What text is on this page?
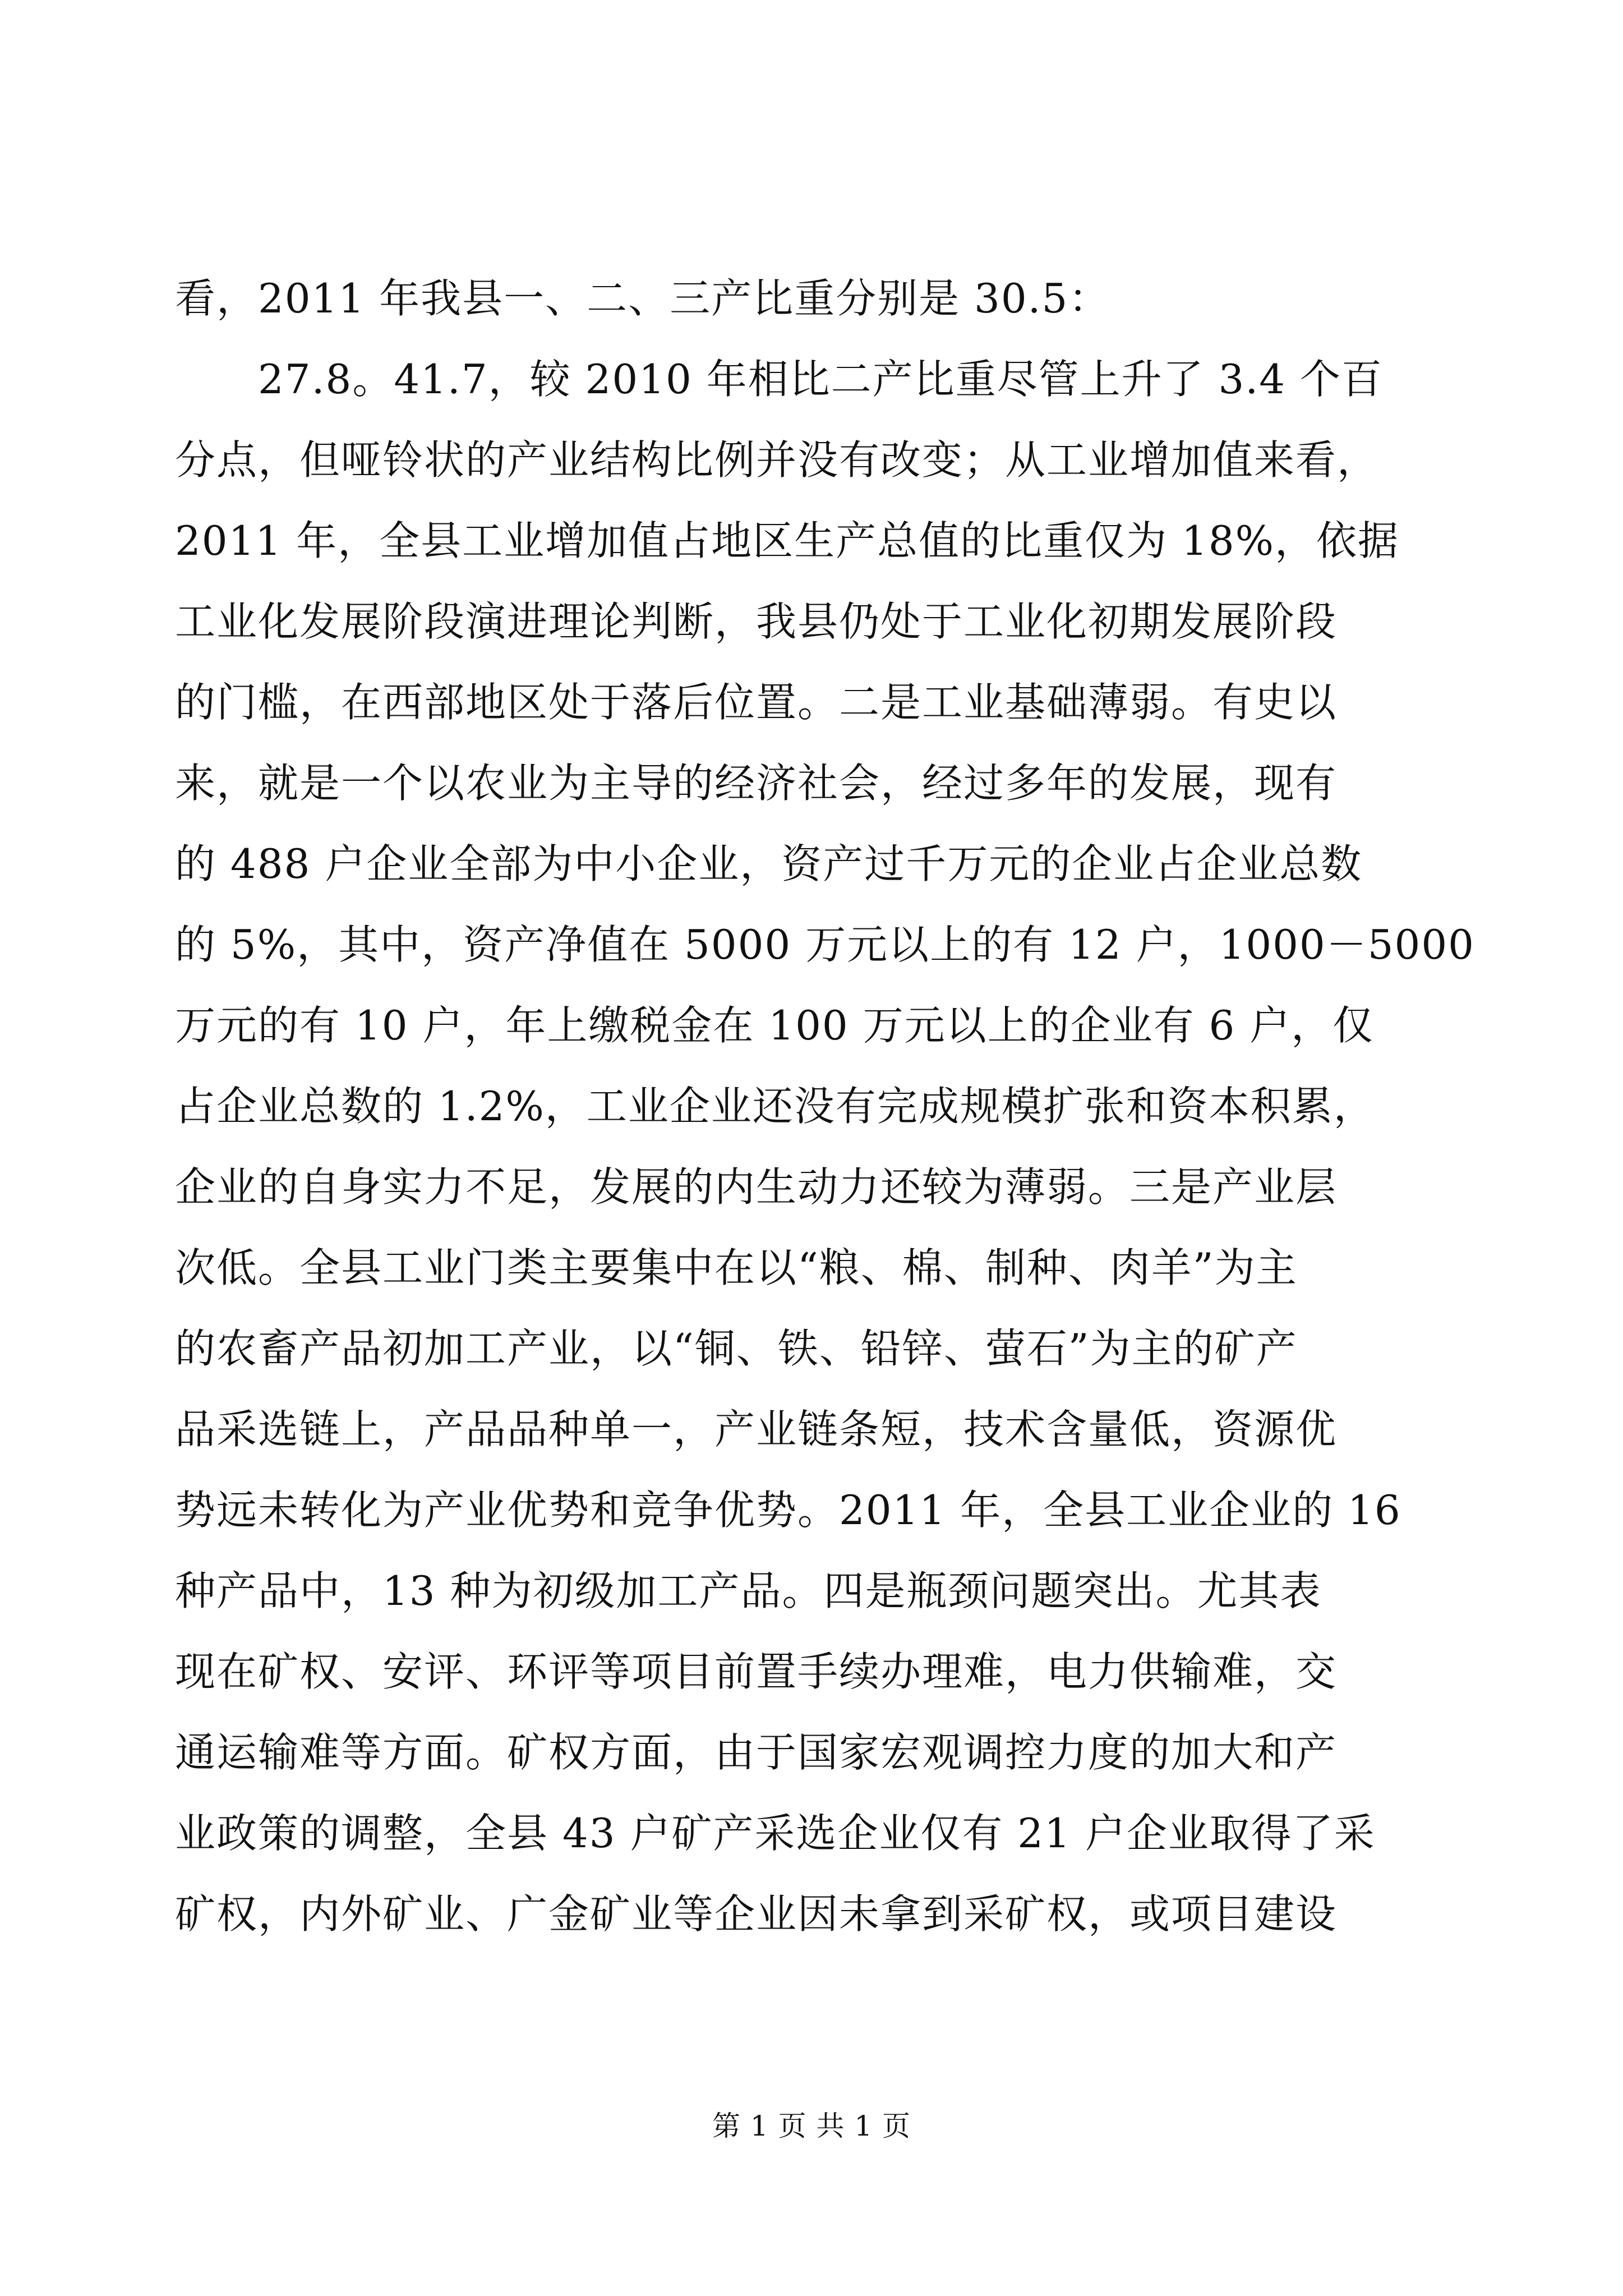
看，2011 年我县一、二、三产比重分别是 30.5：
27.8。41.7，较 2010 年相比二产比重尽管上升了 3.4 个百
分点，但哑铃状的产业结构比例并没有改变；从工业增加值来看，
2011 年，全县工业增加值占地区生产总值的比重仅为 18%，依据
工业化发展阶段演进理论判断，我县仍处于工业化初期发展阶段
的门槛，在西部地区处于落后位置。二是工业基础薄弱。有史以
来，就是一个以农业为主导的经济社会，经过多年的发展，现有
的 488 户企业全部为中小企业，资产过千万元的企业占企业总数
的 5%，其中，资产净值在 5000 万元以上的有 12 户，1000－5000
万元的有 10 户，年上缴税金在 100 万元以上的企业有 6 户，仅
占企业总数的 1.2%，工业企业还没有完成规模扩张和资本积累，
企业的自身实力不足，发展的内生动力还较为薄弱。三是产业层
次低。全县工业门类主要集中在以“粮、棉、制种、肉羊”为主
的农畜产品初加工产业，以“铜、铁、铅锌、萤石”为主的矿产
品采选链上，产品品种单一，产业链条短，技术含量低，资源优
势远未转化为产业优势和竞争优势。2011 年，全县工业企业的 16
种产品中，13 种为初级加工产品。四是瓶颈问题突出。尤其表
现在矿权、安评、环评等项目前置手续办理难，电力供输难，交
通运输难等方面。矿权方面，由于国家宏观调控力度的加大和产
业政策的调整，全县 43 户矿产采选企业仅有 21 户企业取得了采
矿权，内外矿业、广金矿业等企业因未拿到采矿权，或项目建设
第 1 页 共 1 页
